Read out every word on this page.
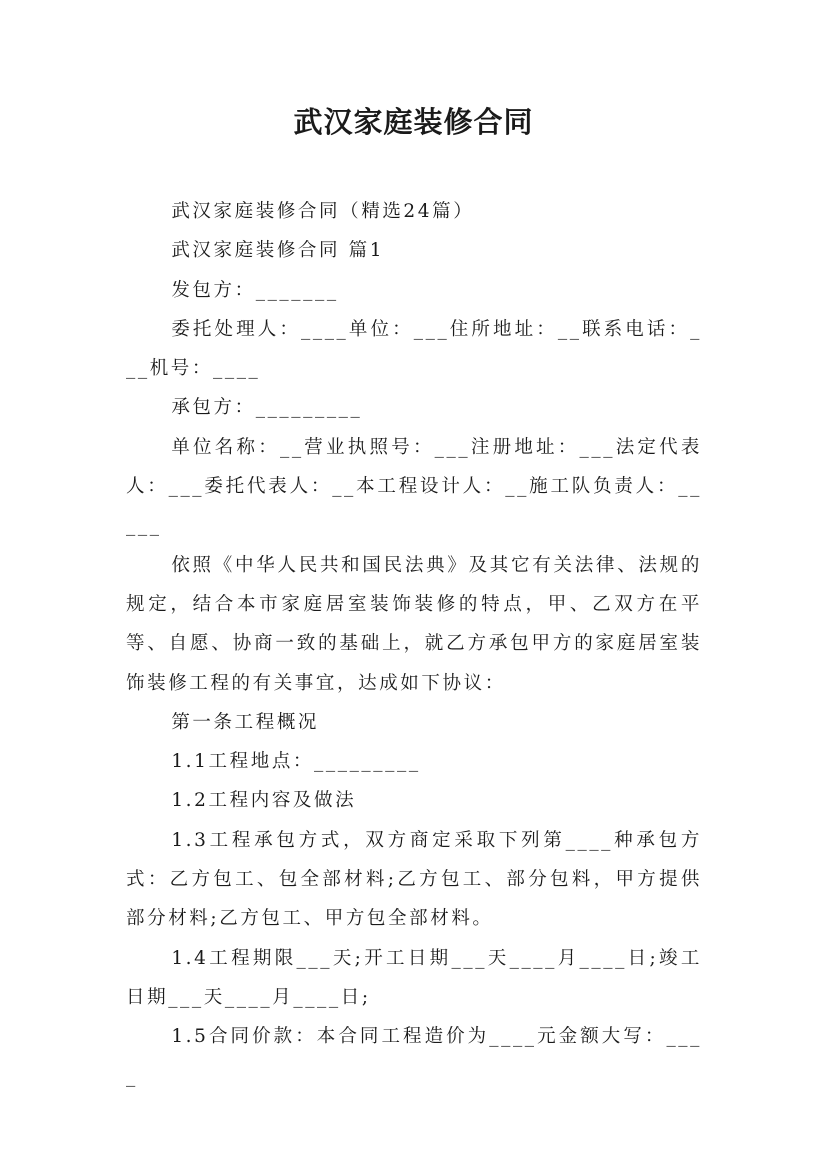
武汉家庭装修合同

武汉家庭装修合同（精选24篇）

武汉家庭装修合同 篇1

发包方：_______

委托处理人：____单位：___住所地址：__联系电话：___机号：____

承包方：_________

单位名称：__营业执照号：___注册地址：___法定代表人：___委托代表人：__本工程设计人：__施工队负责人：_____

依照《中华人民共和国民法典》及其它有关法律、法规的规定，结合本市家庭居室装饰装修的特点，甲、乙双方在平等、自愿、协商一致的基础上，就乙方承包甲方的家庭居室装饰装修工程的有关事宜，达成如下协议：

第一条工程概况

1.1工程地点：_________

1.2工程内容及做法

1.3工程承包方式，双方商定采取下列第____种承包方式：乙方包工、包全部材料;乙方包工、部分包料，甲方提供部分材料;乙方包工、甲方包全部材料。

1.4工程期限___天;开工日期___天____月____日;竣工日期___天____月____日;

1.5合同价款：本合同工程造价为____元金额大写：____
